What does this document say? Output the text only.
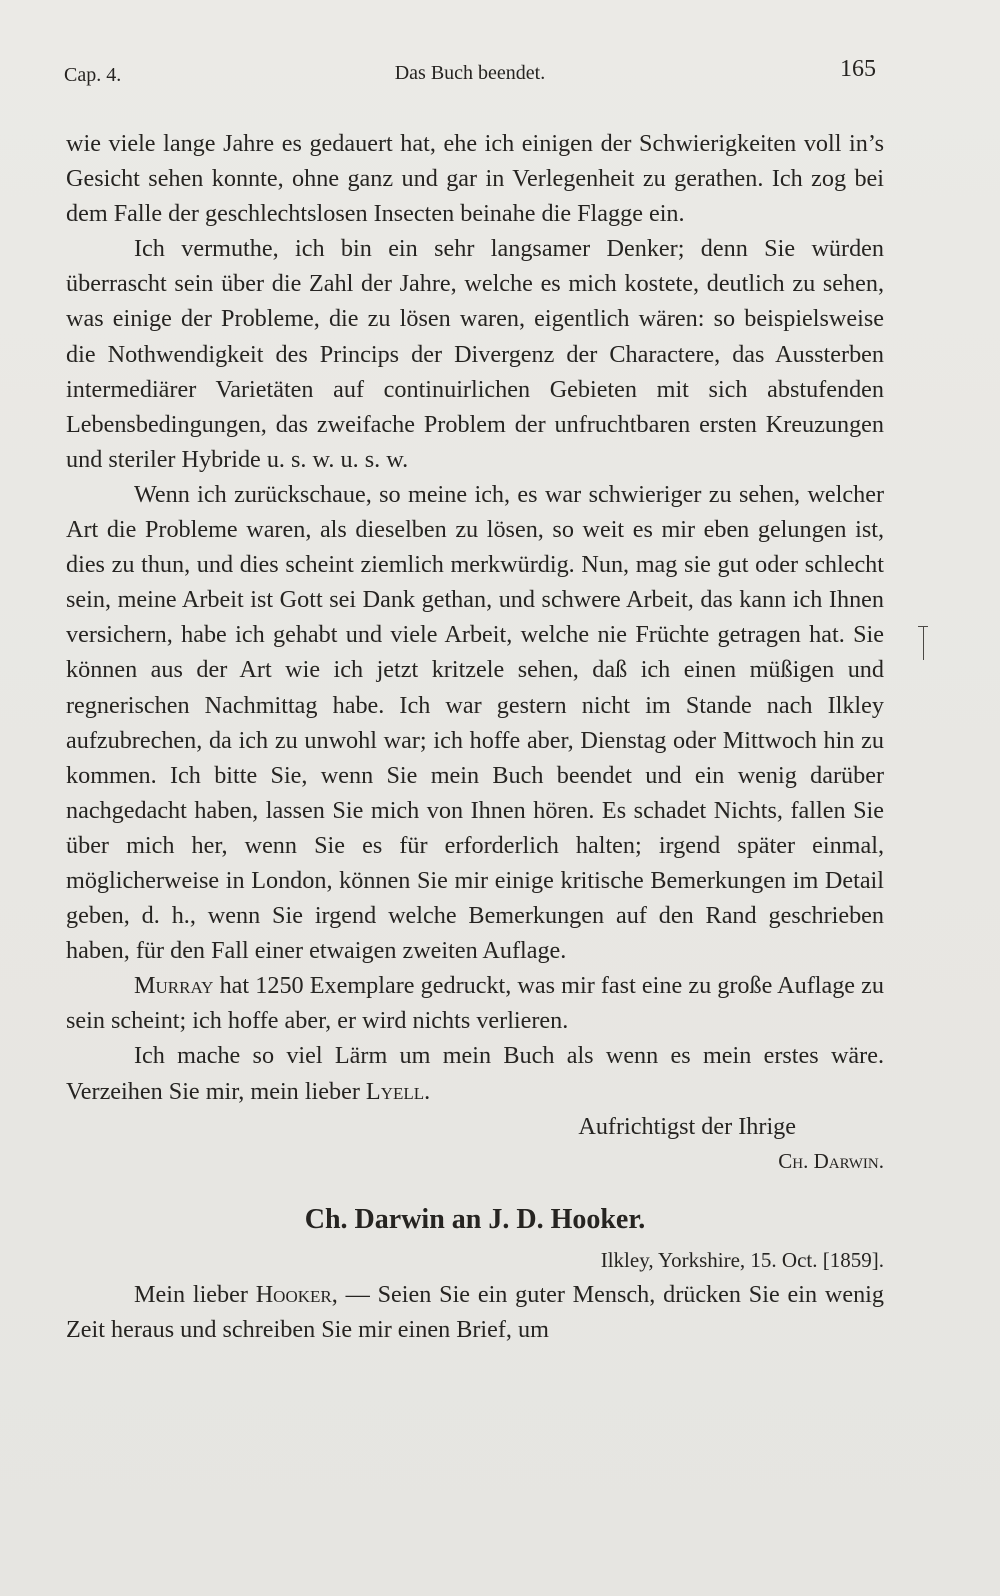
Cap. 4.	Das Buch beendet.	165

wie viele lange Jahre es gedauert hat, ehe ich einigen der Schwierigkeiten voll in’s Gesicht sehen konnte, ohne ganz und gar in Verlegenheit zu gerathen. Ich zog bei dem Falle der geschlechtslosen Insecten beinahe die Flagge ein.

Ich vermuthe, ich bin ein sehr langsamer Denker; denn Sie würden überrascht sein über die Zahl der Jahre, welche es mich kostete, deutlich zu sehen, was einige der Probleme, die zu lösen waren, eigentlich wären: so beispielsweise die Nothwendigkeit des Princips der Divergenz der Charactere, das Aussterben intermediärer Varietäten auf continuirlichen Gebieten mit sich abstufenden Lebensbedingungen, das zweifache Problem der unfruchtbaren ersten Kreuzungen und steriler Hybride u. s. w. u. s. w.

Wenn ich zurückschaue, so meine ich, es war schwieriger zu sehen, welcher Art die Probleme waren, als dieselben zu lösen, so weit es mir eben gelungen ist, dies zu thun, und dies scheint ziemlich merkwürdig. Nun, mag sie gut oder schlecht sein, meine Arbeit ist Gott sei Dank gethan, und schwere Arbeit, das kann ich Ihnen versichern, habe ich gehabt und viele Arbeit, welche nie Früchte getragen hat. Sie können aus der Art wie ich jetzt kritzele sehen, daß ich einen müßigen und regnerischen Nachmittag habe. Ich war gestern nicht im Stande nach Ilkley aufzubrechen, da ich zu unwohl war; ich hoffe aber, Dienstag oder Mittwoch hin zu kommen. Ich bitte Sie, wenn Sie mein Buch beendet und ein wenig darüber nachgedacht haben, lassen Sie mich von Ihnen hören. Es schadet Nichts, fallen Sie über mich her, wenn Sie es für erforderlich halten; irgend später einmal, möglicherweise in London, können Sie mir einige kritische Bemerkungen im Detail geben, d. h., wenn Sie irgend welche Bemerkungen auf den Rand geschrieben haben, für den Fall einer etwaigen zweiten Auflage.

Murray hat 1250 Exemplare gedruckt, was mir fast eine zu große Auflage zu sein scheint; ich hoffe aber, er wird nichts verlieren.

Ich mache so viel Lärm um mein Buch als wenn es mein erstes wäre. Verzeihen Sie mir, mein lieber Lyell.

Aufrichtigst der Ihrige

Ch. Darwin.

Ch. Darwin an J. D. Hooker.

Ilkley, Yorkshire, 15. Oct. [1859].

Mein lieber Hooker, — Seien Sie ein guter Mensch, drücken Sie ein wenig Zeit heraus und schreiben Sie mir einen Brief, um
